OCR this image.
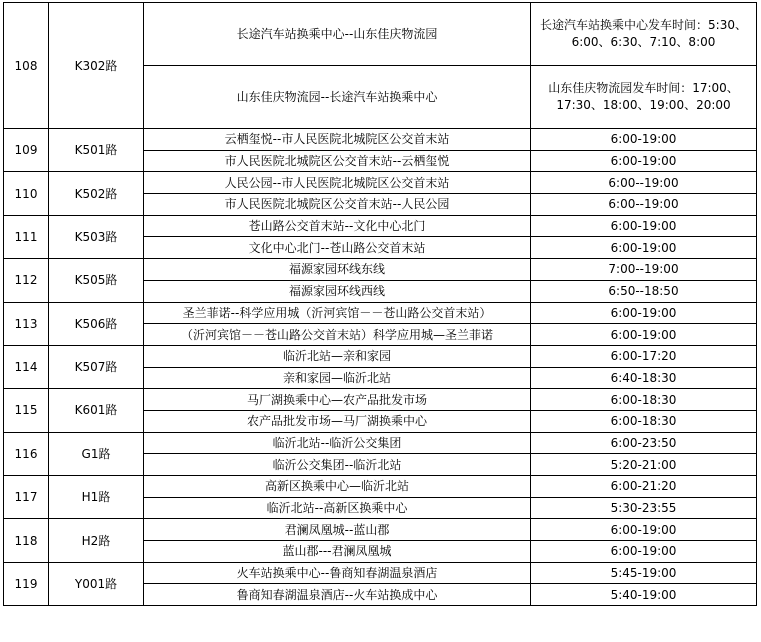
108	K302路	长途汽车站换乘中心--山东佳庆物流园	长途汽车站换乘中心发车时间：5:30、6:00、6:30、7:10、8:00
		山东佳庆物流园--长途汽车站换乘中心	山东佳庆物流园发车时间：17:00、17:30、18:00、19:00、20:00
109	K501路	云栖玺悦--市人民医院北城院区公交首末站	6:00-19:00
		市人民医院北城院区公交首末站--云栖玺悦	6:00-19:00
110	K502路	人民公园--市人民医院北城院区公交首末站	6:00--19:00
		市人民医院北城院区公交首末站--人民公园	6:00--19:00
111	K503路	苍山路公交首末站--文化中心北门	6:00-19:00
		文化中心北门--苍山路公交首末站	6:00-19:00
112	K505路	福源家园环线东线	7:00--19:00
		福源家园环线西线	6:50--18:50
113	K506路	圣兰菲诺--科学应用城（沂河宾馆－－苍山路公交首末站）	6:00-19:00
		（沂河宾馆－－苍山路公交首末站）科学应用城—圣兰菲诺	6:00-19:00
114	K507路	临沂北站—亲和家园	6:00-17:20
		亲和家园—临沂北站	6:40-18:30
115	K601路	马厂湖换乘中心—农产品批发市场	6:00-18:30
		农产品批发市场—马厂湖换乘中心	6:00-18:30
116	G1路	临沂北站--临沂公交集团	6:00-23:50
		临沂公交集团--临沂北站	5:20-21:00
117	H1路	高新区换乘中心—临沂北站	6:00-21:20
		临沂北站--高新区换乘中心	5:30-23:55
118	H2路	君澜凤凰城--蓝山郡	6:00-19:00
		蓝山郡---君澜凤凰城	6:00-19:00
119	Y001路	火车站换乘中心--鲁商知春湖温泉酒店	5:45-19:00
		鲁商知春湖温泉酒店--火车站换成中心	5:40-19:00
